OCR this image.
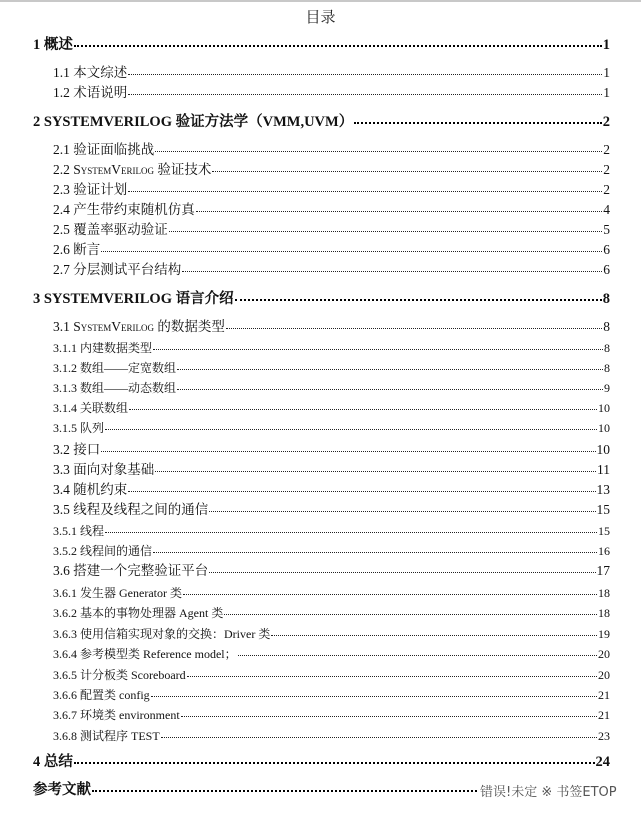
目录
1 概述	1
1.1 本文综述	1
1.2 术语说明	1
2 SYSTEMVERILOG 验证方法学（VMM,UVM）	2
2.1 验证面临挑战	2
2.2 SystemVerilog 验证技术	2
2.3 验证计划	2
2.4 产生带约束随机仿真	4
2.5 覆盖率驱动验证	5
2.6 断言	6
2.7 分层测试平台结构	6
3 SYSTEMVERILOG 语言介绍	8
3.1 SystemVerilog 的数据类型	8
3.1.1 内建数据类型	8
3.1.2 数组——定宽数组	8
3.1.3 数组——动态数组	9
3.1.4 关联数组	10
3.1.5 队列	10
3.2 接口	10
3.3 面向对象基础	11
3.4 随机约束	13
3.5 线程及线程之间的通信	15
3.5.1 线程	15
3.5.2 线程间的通信	16
3.6 搭建一个完整验证平台	17
3.6.1 发生器 Generator 类	18
3.6.2 基本的事物处理器 Agent 类	18
3.6.3 使用信箱实现对象的交换：Driver 类	19
3.6.4 参考模型类 Reference model；	20
3.6.5 计分板类 Scoreboard	20
3.6.6 配置类 config	21
3.6.7 环境类 environment	21
3.6.8 测试程序 TEST	23
4 总结	24
参考文献	错误!未定 ※ 书签ETOP
